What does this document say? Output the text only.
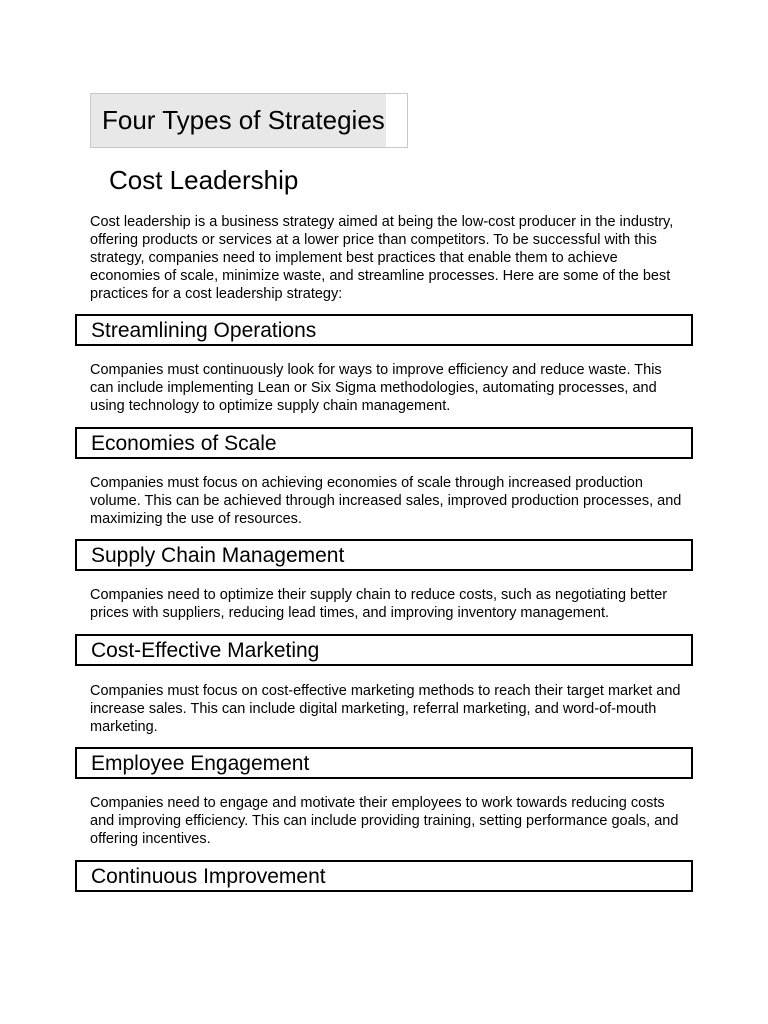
Four Types of Strategies
Cost Leadership
Cost leadership is a business strategy aimed at being the low-cost producer in the industry, offering products or services at a lower price than competitors. To be successful with this strategy, companies need to implement best practices that enable them to achieve economies of scale, minimize waste, and streamline processes. Here are some of the best practices for a cost leadership strategy:
Streamlining Operations
Companies must continuously look for ways to improve efficiency and reduce waste. This can include implementing Lean or Six Sigma methodologies, automating processes, and using technology to optimize supply chain management.
Economies of Scale
Companies must focus on achieving economies of scale through increased production volume. This can be achieved through increased sales, improved production processes, and maximizing the use of resources.
Supply Chain Management
Companies need to optimize their supply chain to reduce costs, such as negotiating better prices with suppliers, reducing lead times, and improving inventory management.
Cost-Effective Marketing
Companies must focus on cost-effective marketing methods to reach their target market and increase sales. This can include digital marketing, referral marketing, and word-of-mouth marketing.
Employee Engagement
Companies need to engage and motivate their employees to work towards reducing costs and improving efficiency. This can include providing training, setting performance goals, and offering incentives.
Continuous Improvement
